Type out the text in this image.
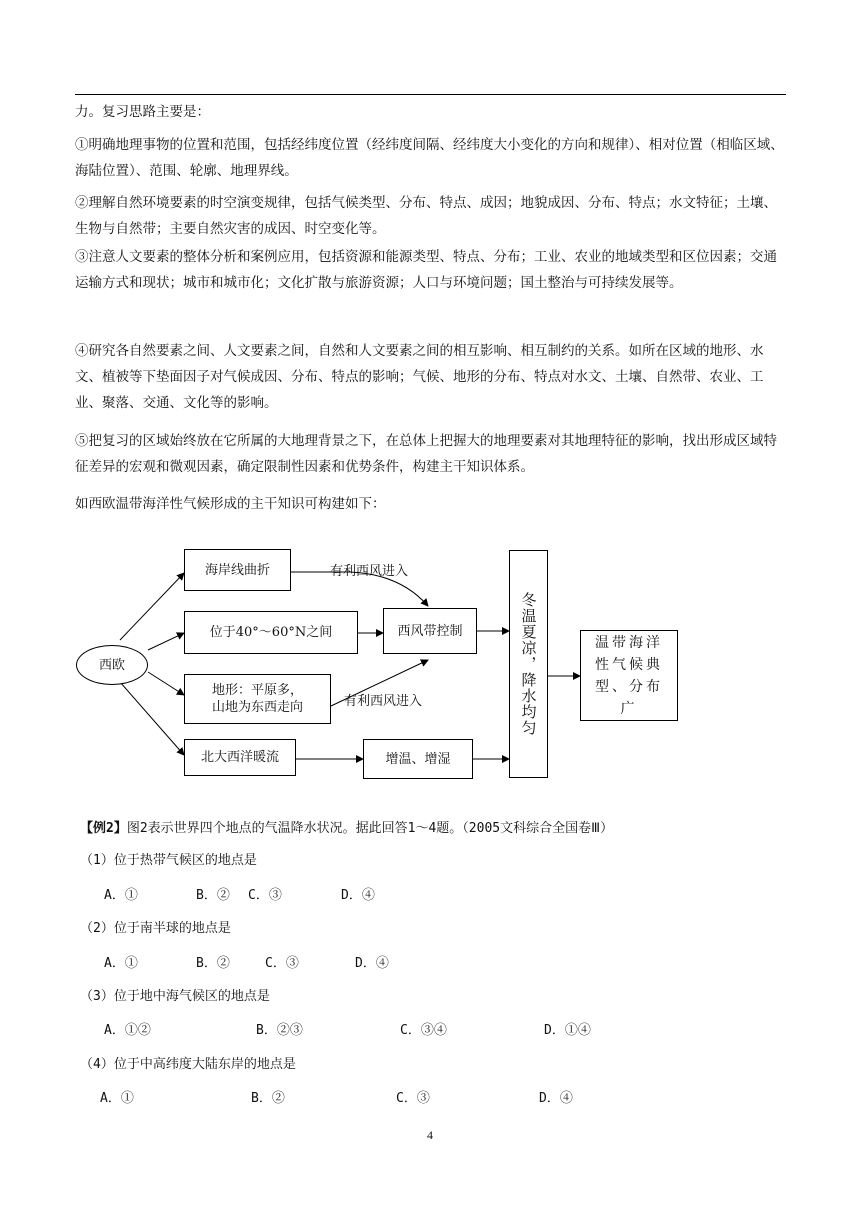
力。复习思路主要是：

①明确地理事物的位置和范围，包括经纬度位置（经纬度间隔、经纬度大小变化的方向和规律）、相对位置（相临区域、海陆位置）、范围、轮廓、地理界线。

②理解自然环境要素的时空演变规律，包括气候类型、分布、特点、成因；地貌成因、分布、特点；水文特征；土壤、生物与自然带；主要自然灾害的成因、时空变化等。

③注意人文要素的整体分析和案例应用，包括资源和能源类型、特点、分布；工业、农业的地域类型和区位因素；交通运输方式和现状；城市和城市化；文化扩散与旅游资源；人口与环境问题；国土整治与可持续发展等。

④研究各自然要素之间、人文要素之间，自然和人文要素之间的相互影响、相互制约的关系。如所在区域的地形、水文、植被等下垫面因子对气候成因、分布、特点的影响；气候、地形的分布、特点对水文、土壤、自然带、农业、工业、聚落、交通、文化等的影响。

⑤把复习的区域始终放在它所属的大地理背景之下，在总体上把握大的地理要素对其地理特征的影响，找出形成区域特征差异的宏观和微观因素，确定限制性因素和优势条件，构建主干知识体系。

如西欧温带海洋性气候形成的主干知识可构建如下：

西欧
海岸线曲折
位于40°～60°N之间
地形：平原多，
山地为东西走向
北大西洋暖流
西风带控制
增温、增湿
冬温夏凉，降水均匀	温带海洋性气候典型、分布广
有利西风进入
有利西风进入

【例2】图2表示世界四个地点的气温降水状况。据此回答1～4题。（2005文科综合全国卷Ⅲ）

（1）位于热带气候区的地点是

A．①	B．② C．③	D．④

（2）位于南半球的地点是

A．①	B．②	C．③	D．④

（3）位于地中海气候区的地点是

A．①②	B．②③	C．③④	D．①④

（4）位于中高纬度大陆东岸的地点是

A．①	B．②	C．③	D．④
4
